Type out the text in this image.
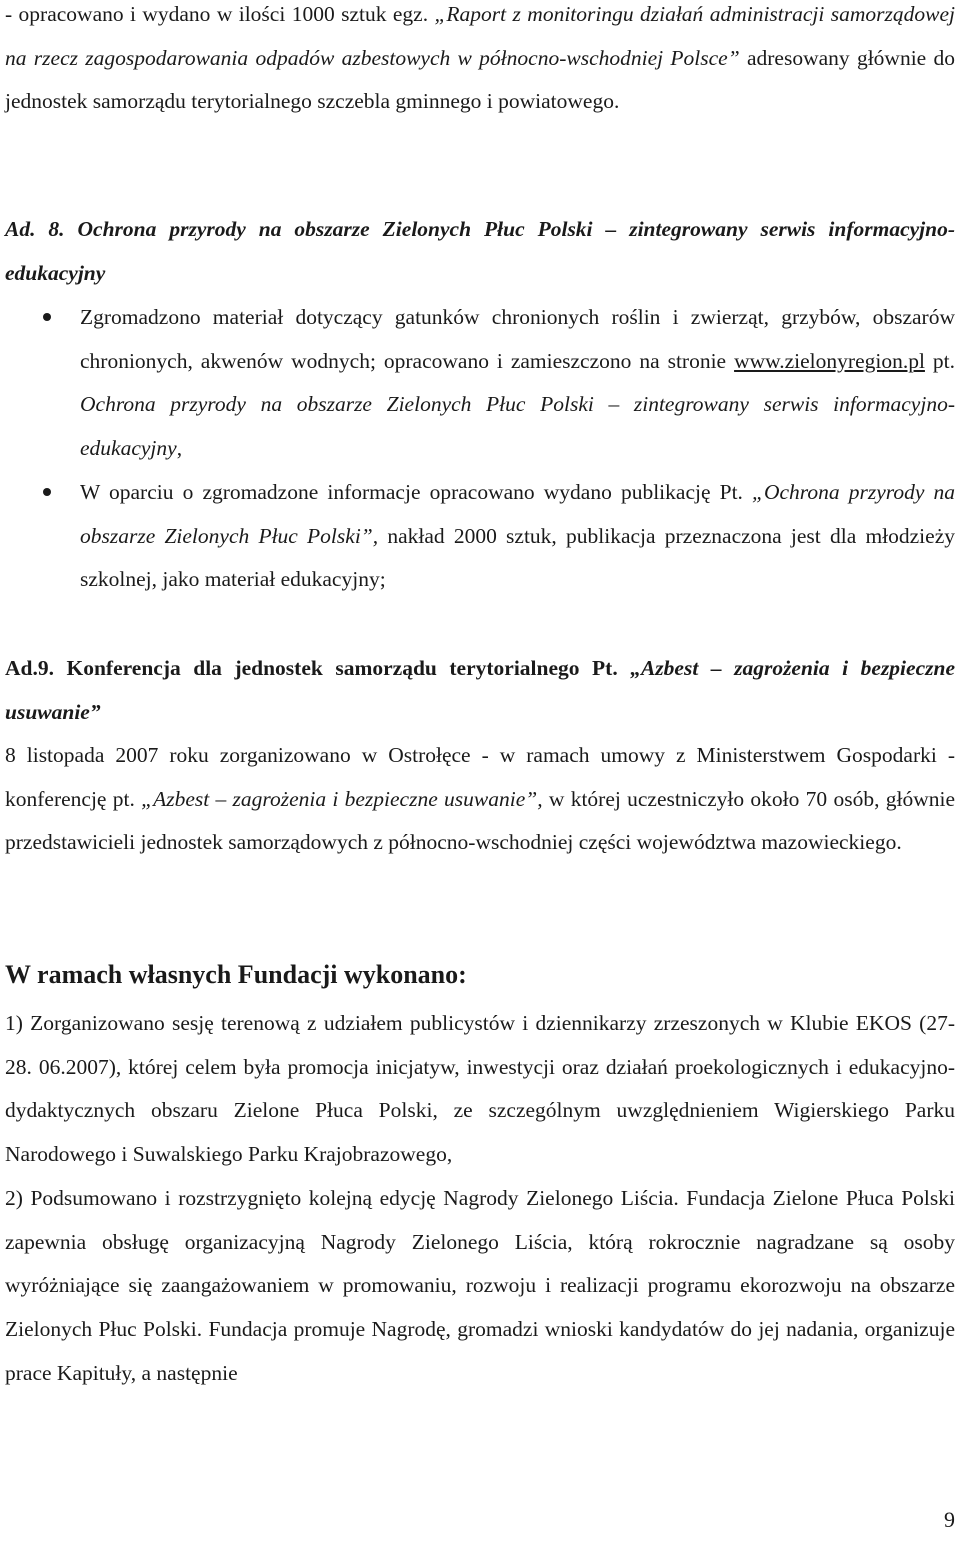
- opracowano i wydano w ilości 1000 sztuk egz. „Raport z monitoringu działań administracji samorządowej na rzecz zagospodarowania odpadów azbestowych w północno-wschodniej Polsce” adresowany głównie do jednostek samorządu terytorialnego szczebla gminnego i powiatowego.

Ad. 8. Ochrona przyrody na obszarze Zielonych Płuc Polski – zintegrowany serwis informacyjno-edukacyjny

Zgromadzono materiał dotyczący gatunków chronionych roślin i zwierząt, grzybów, obszarów chronionych, akwenów wodnych; opracowano i zamieszczono na stronie www.zielonyregion.pl pt. Ochrona przyrody na obszarze Zielonych Płuc Polski – zintegrowany serwis informacyjno-edukacyjny,
W oparciu o zgromadzone informacje opracowano wydano publikację Pt. „Ochrona przyrody na obszarze Zielonych Płuc Polski”, nakład 2000 sztuk, publikacja przeznaczona jest dla młodzieży szkolnej, jako materiał edukacyjny;

Ad.9. Konferencja dla jednostek samorządu terytorialnego Pt. „Azbest – zagrożenia i bezpieczne usuwanie”

8 listopada 2007 roku zorganizowano w Ostrołęce - w ramach umowy z Ministerstwem Gospodarki - konferencję pt. „Azbest – zagrożenia i bezpieczne usuwanie”, w której uczestniczyło około 70 osób, głównie przedstawicieli jednostek samorządowych z północno-wschodniej części województwa mazowieckiego.

W ramach własnych Fundacji wykonano:

1) Zorganizowano sesję terenową z udziałem publicystów i dziennikarzy zrzeszonych w Klubie EKOS (27-28. 06.2007), której celem była promocja inicjatyw, inwestycji oraz działań proekologicznych i edukacyjno-dydaktycznych obszaru Zielone Płuca Polski, ze szczególnym uwzględnieniem Wigierskiego Parku Narodowego i Suwalskiego Parku Krajobrazowego,

2) Podsumowano i rozstrzygnięto kolejną edycję Nagrody Zielonego Liścia. Fundacja Zielone Płuca Polski zapewnia obsługę organizacyjną Nagrody Zielonego Liścia, którą rokrocznie nagradzane są osoby wyróżniające się zaangażowaniem w promowaniu, rozwoju i realizacji programu ekorozwoju na obszarze Zielonych Płuc Polski. Fundacja promuje Nagrodę, gromadzi wnioski kandydatów do jej nadania, organizuje prace Kapituły, a następnie

9
